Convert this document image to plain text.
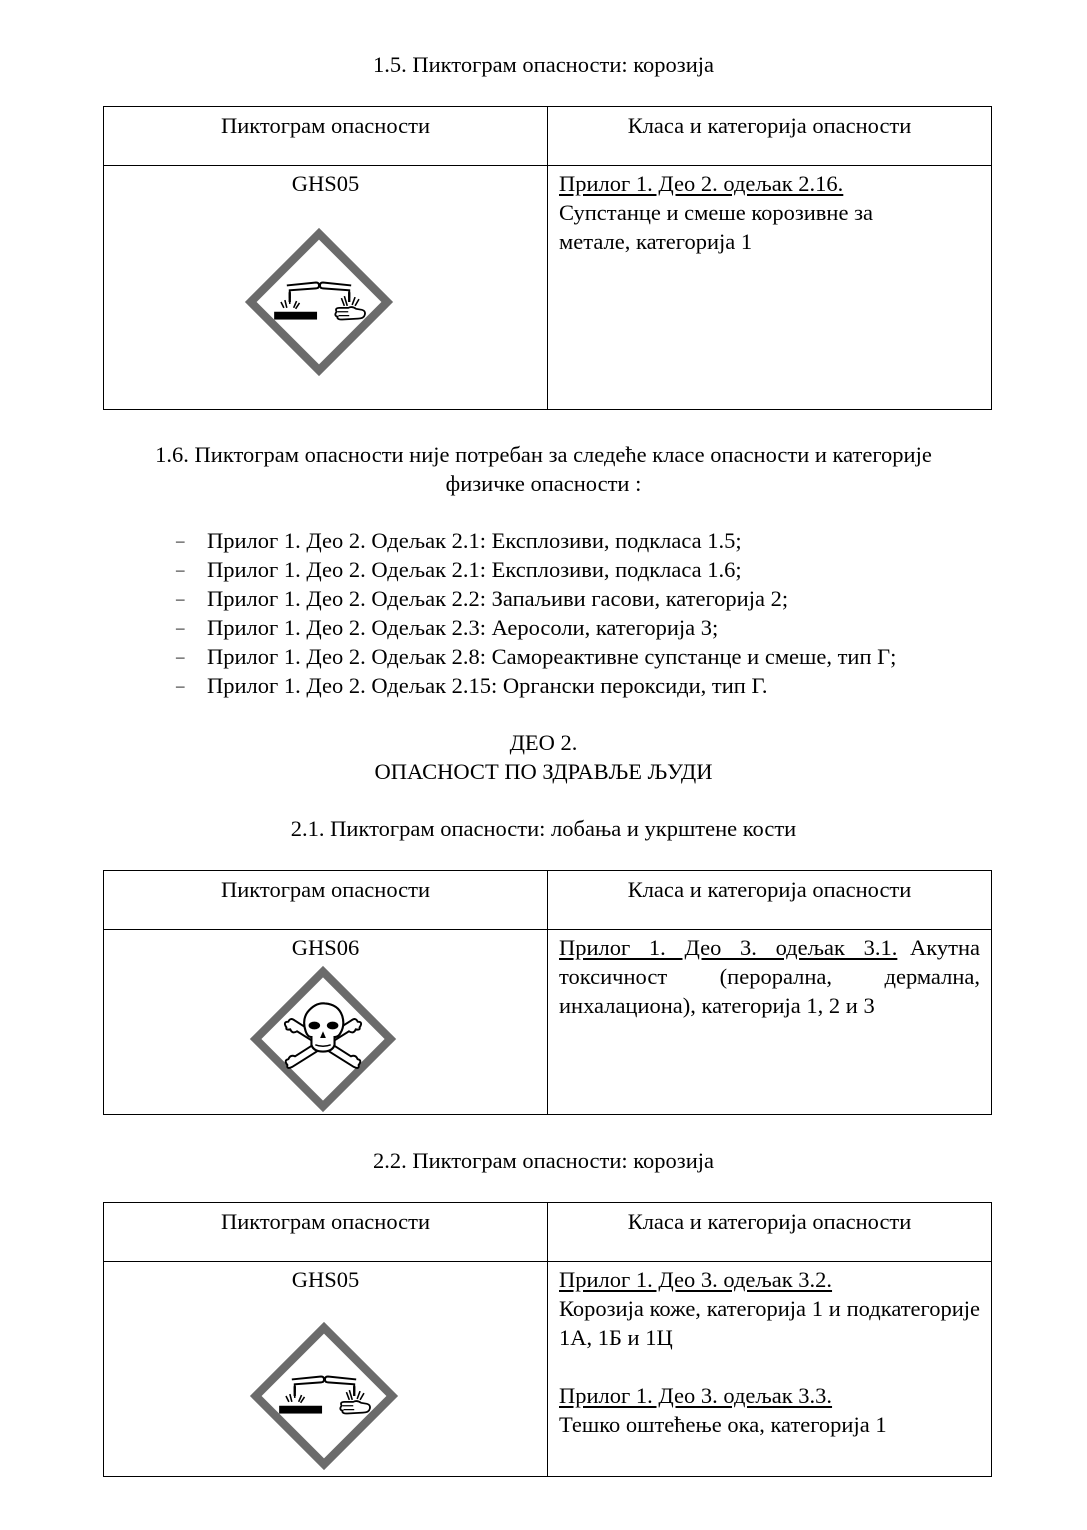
1.5. Пиктограм опасности: корозија
Пиктограм опасности	Класа и категорија опасности

GHS05	Прилог 1. Део 2. одељак 2.16.
Супстанце и смеше корозивне за метале, категорија 1
1.6. Пиктограм опасности није потребан за следеће класе опасности и категорије
физичке опасности :
– Прилог 1. Део 2. Одељак 2.1: Експлозиви, подкласа 1.5;
– Прилог 1. Део 2. Одељак 2.1: Експлозиви, подкласа 1.6;
– Прилог 1. Део 2. Одељак 2.2: Запаљиви гасови, категорија 2;
– Прилог 1. Део 2. Одељак 2.3: Аеросоли, категорија 3;
– Прилог 1. Део 2. Одељак 2.8: Самореактивне супстанце и смеше, тип Г;
– Прилог 1. Део 2. Одељак 2.15: Органски пероксиди, тип Г.
ДЕО 2.
ОПАСНОСТ ПО ЗДРАВЉЕ ЉУДИ
2.1. Пиктограм опасности: лобања и укрштене кости
Пиктограм опасности	Класа и категорија опасности

GHS06	Прилог 1. Део 3. одељак 3.1. Акутна токсичност (перорална, дермална, инхалациона), категорија 1, 2 и 3
2.2. Пиктограм опасности: корозија
Пиктограм опасности	Класа и категорија опасности

GHS05	Прилог 1. Део 3. одељак 3.2.
Корозија коже, категорија 1 и подкатегорије 1А, 1Б и 1Ц
Прилог 1. Део 3. одељак 3.3.
Тешко оштећење ока, категорија 1
